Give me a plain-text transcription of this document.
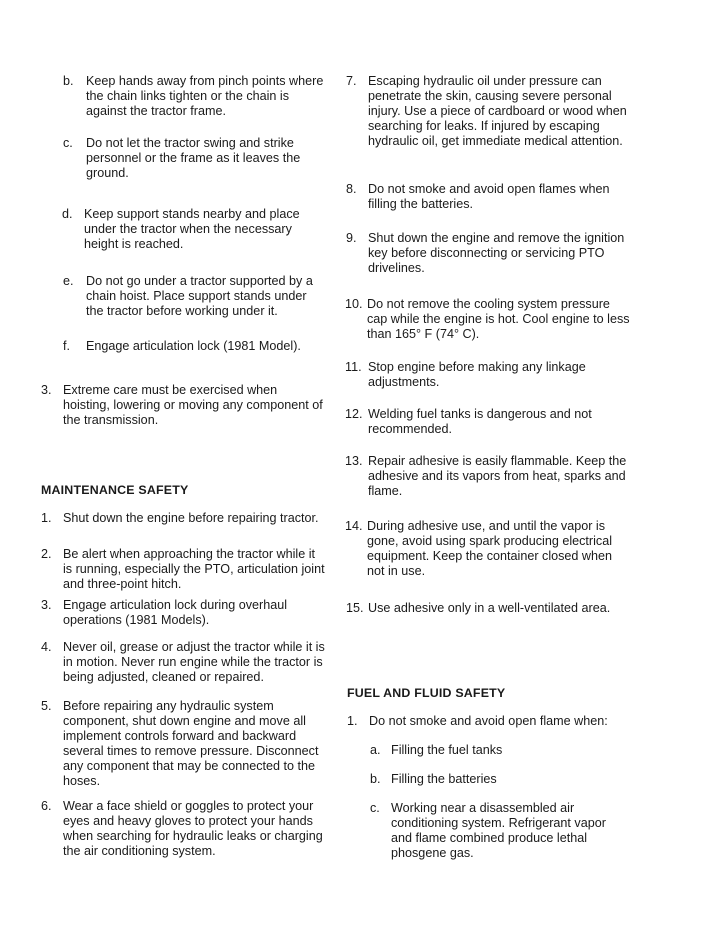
b. Keep hands away from pinch points where the chain links tighten or the chain is against the tractor frame.
c. Do not let the tractor swing and strike personnel or the frame as it leaves the ground.
d. Keep support stands nearby and place under the tractor when the necessary height is reached.
e. Do not go under a tractor supported by a chain hoist. Place support stands under the tractor before working under it.
f. Engage articulation lock (1981 Model).
3. Extreme care must be exercised when hoisting, lowering or moving any component of the transmission.
MAINTENANCE SAFETY
1. Shut down the engine before repairing tractor.
2. Be alert when approaching the tractor while it is running, especially the PTO, articulation joint and three-point hitch.
3. Engage articulation lock during overhaul operations (1981 Models).
4. Never oil, grease or adjust the tractor while it is in motion. Never run engine while the tractor is being adjusted, cleaned or repaired.
5. Before repairing any hydraulic system component, shut down engine and move all implement controls forward and backward several times to remove pressure. Disconnect any component that may be connected to the hoses.
6. Wear a face shield or goggles to protect your eyes and heavy gloves to protect your hands when searching for hydraulic leaks or charging the air conditioning system.
7. Escaping hydraulic oil under pressure can penetrate the skin, causing severe personal injury. Use a piece of cardboard or wood when searching for leaks. If injured by escaping hydraulic oil, get immediate medical attention.
8. Do not smoke and avoid open flames when filling the batteries.
9. Shut down the engine and remove the ignition key before disconnecting or servicing PTO drivelines.
10. Do not remove the cooling system pressure cap while the engine is hot. Cool engine to less than 165° F (74° C).
11. Stop engine before making any linkage adjustments.
12. Welding fuel tanks is dangerous and not recommended.
13. Repair adhesive is easily flammable. Keep the adhesive and its vapors from heat, sparks and flame.
14. During adhesive use, and until the vapor is gone, avoid using spark producing electrical equipment. Keep the container closed when not in use.
15. Use adhesive only in a well-ventilated area.
FUEL AND FLUID SAFETY
1. Do not smoke and avoid open flame when:
a. Filling the fuel tanks
b. Filling the batteries
c. Working near a disassembled air conditioning system. Refrigerant vapor and flame combined produce lethal phosgene gas.
